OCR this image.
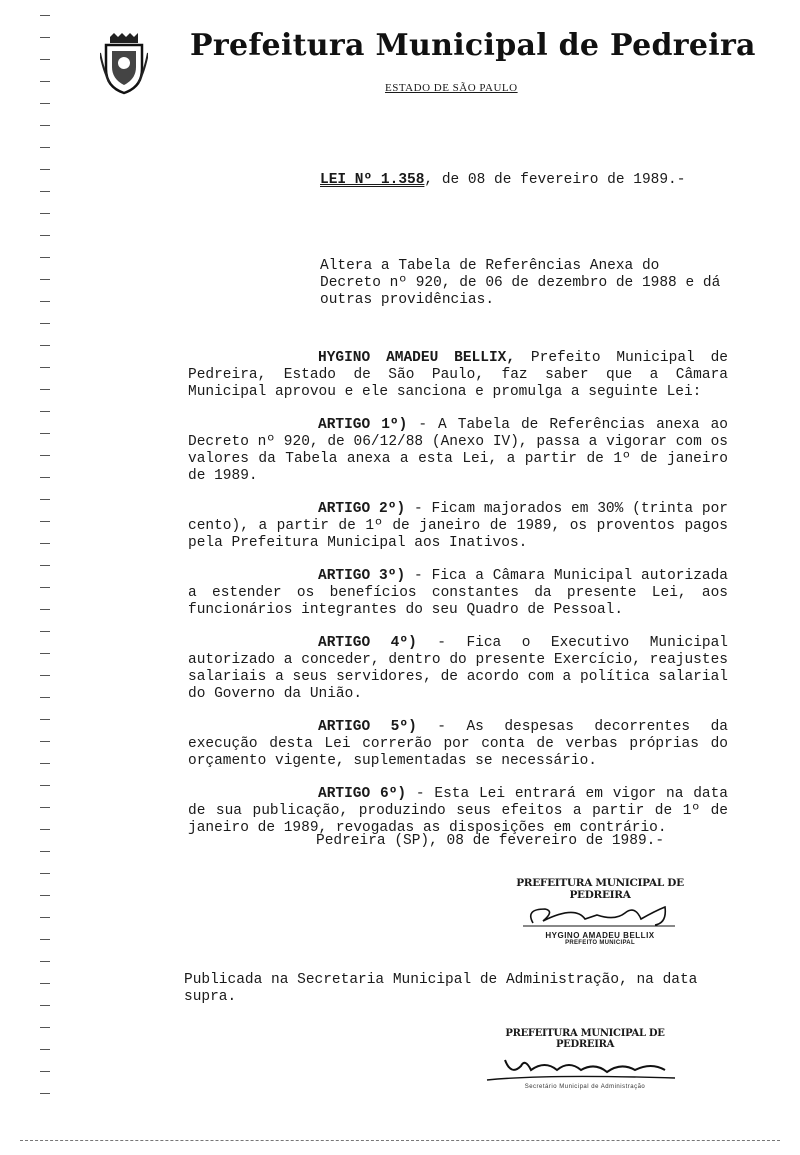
Prefeitura Municipal de Pedreira
ESTADO DE SÃO PAULO
LEI Nº 1.358, de 08 de fevereiro de 1989.-
Altera a Tabela de Referências Anexa do Decreto nº 920, de 06 de dezembro de 1988 e dá outras providências.

HYGINO AMADEU BELLIX, Prefeito Municipal de Pedreira, Estado de São Paulo, faz saber que a Câmara Municipal aprovou e ele sanciona e promulga a seguinte Lei:

ARTIGO 1º) - A Tabela de Referências anexa ao Decreto nº 920, de 06/12/88 (Anexo IV), passa a vigorar com os valores da Tabela anexa a esta Lei, a partir de 1º de janeiro de 1989.

ARTIGO 2º) - Ficam majorados em 30% (trinta por cento), a partir de 1º de janeiro de 1989, os proventos pagos pela Prefeitura Municipal aos Inativos.

ARTIGO 3º) - Fica a Câmara Municipal autorizada a estender os benefícios constantes da presente Lei, aos funcionários integrantes do seu Quadro de Pessoal.

ARTIGO 4º) - Fica o Executivo Municipal autorizado a conceder, dentro do presente Exercício, reajustes salariais a seus servidores, de acordo com a política salarial do Governo da União.

ARTIGO 5º) - As despesas decorrentes da execução desta Lei correrão por conta de verbas próprias do orçamento vigente, suplementadas se necessário.

ARTIGO 6º) - Esta Lei entrará em vigor na data de sua publicação, produzindo seus efeitos a partir de 1º de janeiro de 1989, revogadas as disposições em contrário.

Pedreira (SP), 08 de fevereiro de 1989.-
PREFEITURA MUNICIPAL DE PEDREIRA
HYGINO AMADEU BELLIX
PREFEITO MUNICIPAL
Publicada na Secretaria Municipal de Administração, na data supra.
PREFEITURA MUNICIPAL DE PEDREIRA
Secretário Municipal de Administração
